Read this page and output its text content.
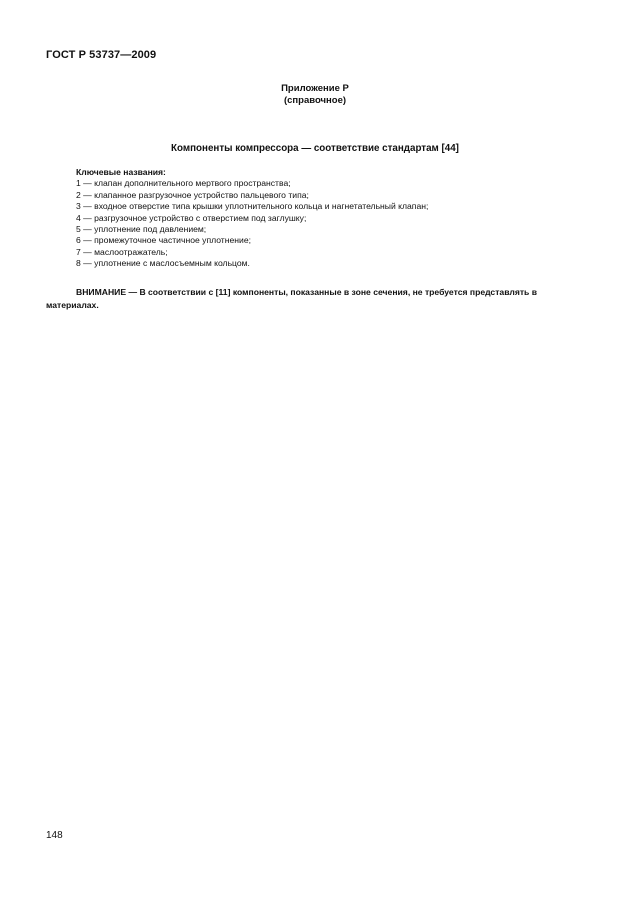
ГОСТ Р 53737—2009
Приложение Р
(справочное)
Компоненты компрессора — соответствие стандартам [44]
Ключевые названия:
1 — клапан дополнительного мертвого пространства;
2 — клапанное разгрузочное устройство пальцевого типа;
3 — входное отверстие типа крышки уплотнительного кольца и нагнетательный клапан;
4 — разгрузочное устройство с отверстием под заглушку;
5 — уплотнение под давлением;
6 — промежуточное частичное уплотнение;
7 — маслоотражатель;
8 — уплотнение с маслосъемным кольцом.
ВНИМАНИЕ — В соответствии с [11] компоненты, показанные в зоне сечения, не требуется представлять в материалах.
148
